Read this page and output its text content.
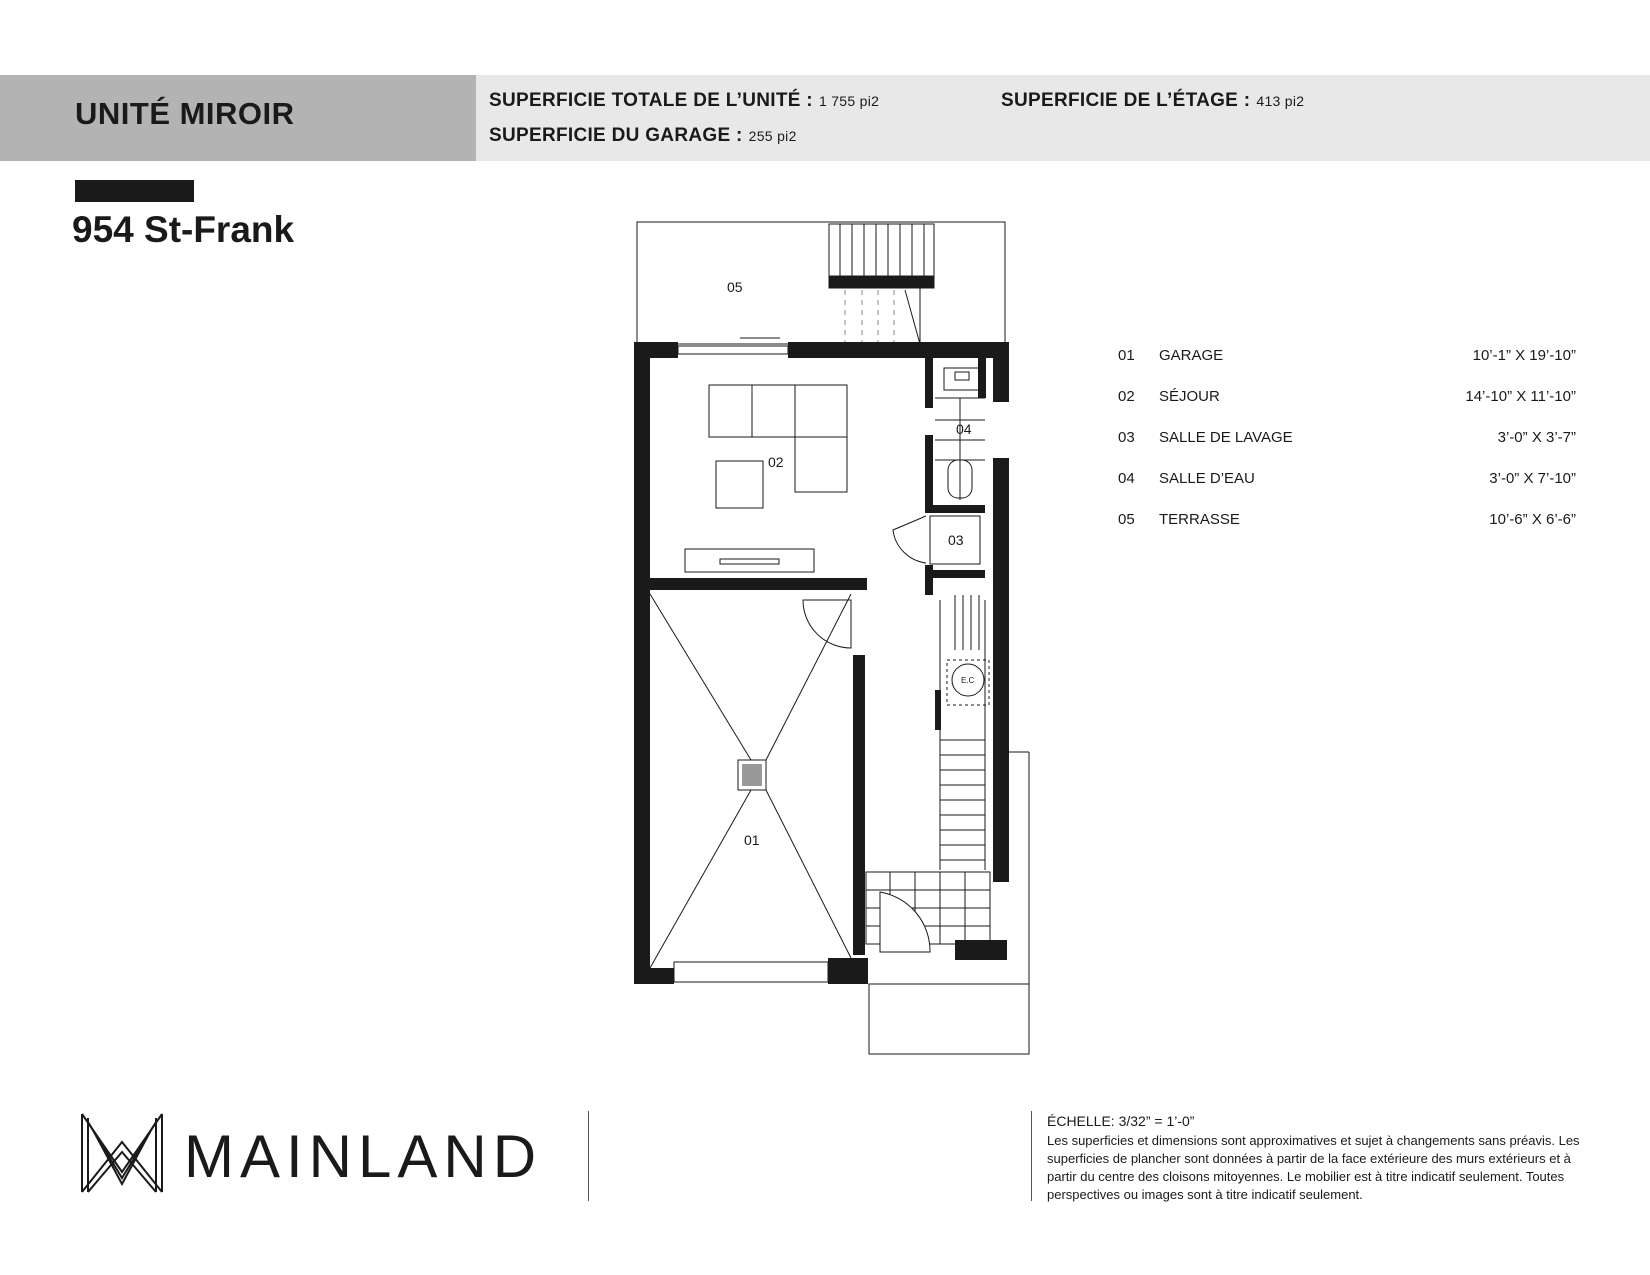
UNITÉ MIROIR	SUPERFICIE TOTALE DE L’UNITÉ : 1 755 pi2	SUPERFICIE DE L’ÉTAGE : 413 pi2
SUPERFICIE DU GARAGE : 255 pi2
954 St-Frank
E.C
05
02
04
03
01
01 GARAGE	10’-1” X 19’-10”
02 SÉJOUR	14’-10” X 11’-10”
03 SALLE DE LAVAGE	3’-0” X 3’-7”
04 SALLE D’EAU	3’-0” X 7’-10”
05 TERRASSE	10’-6” X 6’-6”
MAINLAND
ÉCHELLE: 3/32” = 1’-0”
Les superficies et dimensions sont approximatives et sujet à changements sans préavis. Les superficies de plancher sont données à partir de la face extérieure des murs extérieurs et à partir du centre des cloisons mitoyennes. Le mobilier est à titre indicatif seulement. Toutes perspectives ou images sont à titre indicatif seulement.
